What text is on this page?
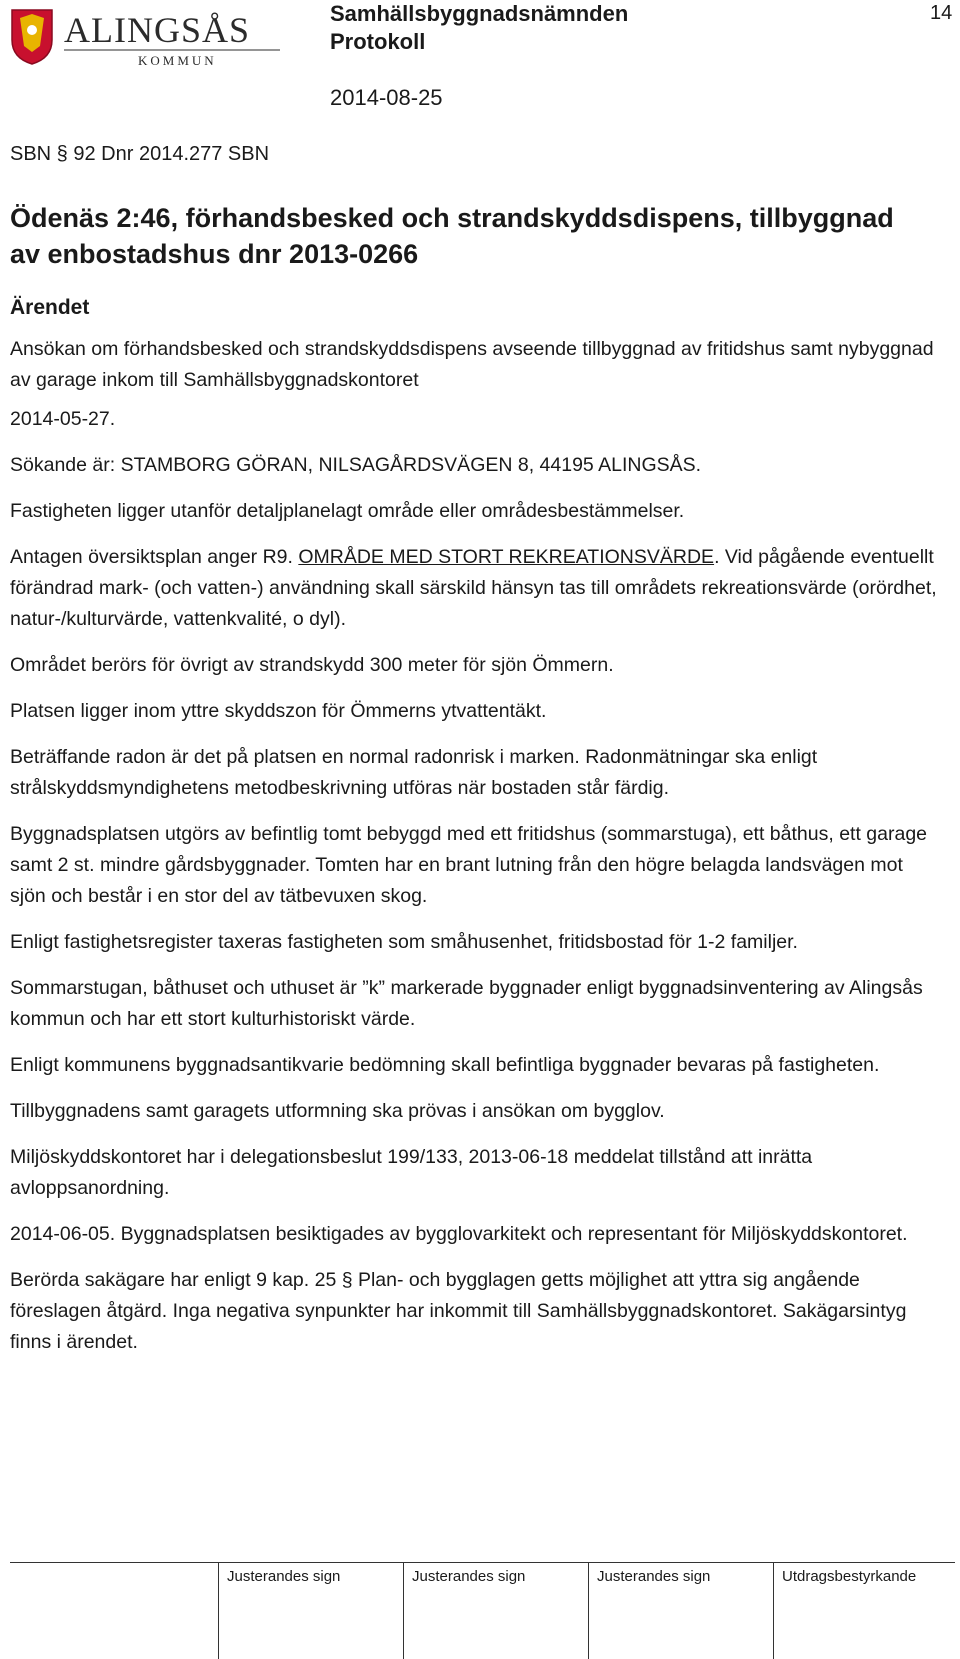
ALINGSÅS
KOMMUN
Samhällsbyggnadsnämnden
Protokoll
2014-08-25
14
SBN § 92 Dnr 2014.277 SBN
Ödenäs 2:46, förhandsbesked och strandskyddsdispens, tillbyggnad av enbostadshus dnr 2013-0266
Ärendet

Ansökan om förhandsbesked och strandskyddsdispens avseende tillbyggnad av fritidshus samt nybyggnad av garage inkom till Samhällsbyggnadskontoret

2014-05-27.

Sökande är: STAMBORG GÖRAN, NILSAGÅRDSVÄGEN 8, 44195 ALINGSÅS.

Fastigheten ligger utanför detaljplanelagt område eller områdesbestämmelser.

Antagen översiktsplan anger R9. OMRÅDE MED STORT REKREATIONSVÄRDE. Vid pågående eventuellt förändrad mark- (och vatten-) användning skall särskild hänsyn tas till områdets rekreationsvärde (orördhet, natur-/kulturvärde, vattenkvalité, o dyl).

Området berörs för övrigt av strandskydd 300 meter för sjön Ömmern.

Platsen ligger inom yttre skyddszon för Ömmerns ytvattentäkt.

Beträffande radon är det på platsen en normal radonrisk i marken. Radonmätningar ska enligt strålskyddsmyndighetens metodbeskrivning utföras när bostaden står färdig.

Byggnadsplatsen utgörs av befintlig tomt bebyggd med ett fritidshus (sommarstuga), ett båthus, ett garage samt 2 st. mindre gårdsbyggnader. Tomten har en brant lutning från den högre belagda landsvägen mot sjön och består i en stor del av tätbevuxen skog.

Enligt fastighetsregister taxeras fastigheten som småhusenhet, fritidsbostad för 1-2 familjer.

Sommarstugan, båthuset och uthuset är ”k” markerade byggnader enligt byggnadsinventering av Alingsås kommun och har ett stort kulturhistoriskt värde.

Enligt kommunens byggnadsantikvarie bedömning skall befintliga byggnader bevaras på fastigheten.

Tillbyggnadens samt garagets utformning ska prövas i ansökan om bygglov.

Miljöskyddskontoret har i delegationsbeslut 199/133, 2013-06-18 meddelat tillstånd att inrätta avloppsanordning.

2014-06-05. Byggnadsplatsen besiktigades av bygglovarkitekt och representant för Miljöskyddskontoret.

Berörda sakägare har enligt 9 kap. 25 § Plan- och bygglagen getts möjlighet att yttra sig angående föreslagen åtgärd. Inga negativa synpunkter har inkommit till Samhällsbyggnadskontoret. Sakägarsintyg finns i ärendet.

Justerandes sign	Justerandes sign	Justerandes sign	Utdragsbestyrkande
